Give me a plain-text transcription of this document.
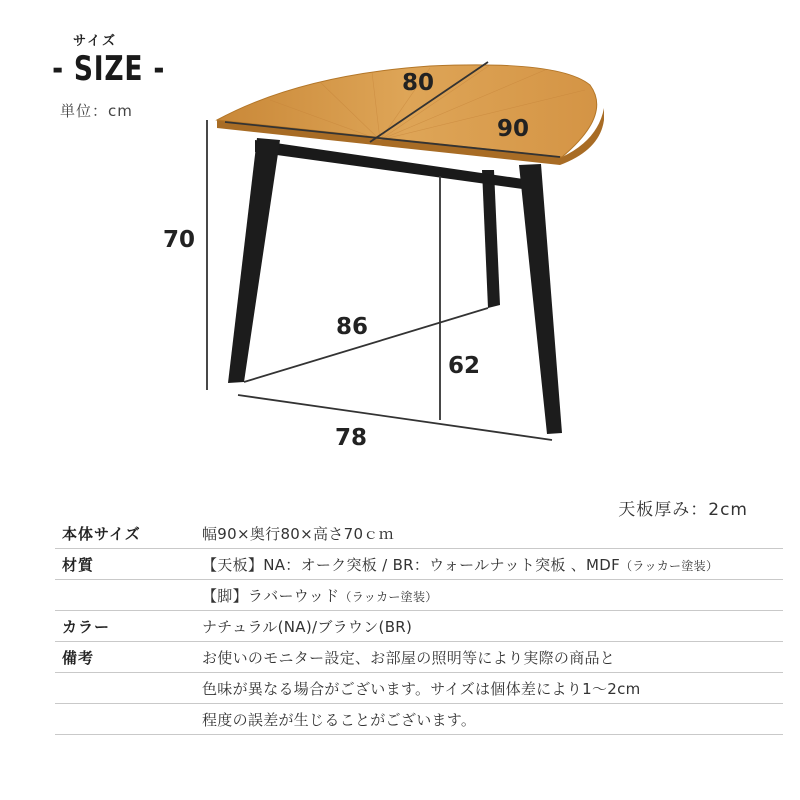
サイズ
- SIZE -
単位：cm
80
90
70
86
62
78
天板厚み：2cm
本体サイズ	幅90×奥行80×高さ70ｃｍ
材質	【天板】NA：オーク突板 / BR：ウォールナット突板 、MDF（ラッカー塗装）
【脚】ラバーウッド（ラッカー塗装）
カラー	ナチュラル(NA)/ブラウン(BR)
備考	お使いのモニター設定、お部屋の照明等により実際の商品と
色味が異なる場合がございます。サイズは個体差により1～2cm
程度の誤差が生じることがございます。
